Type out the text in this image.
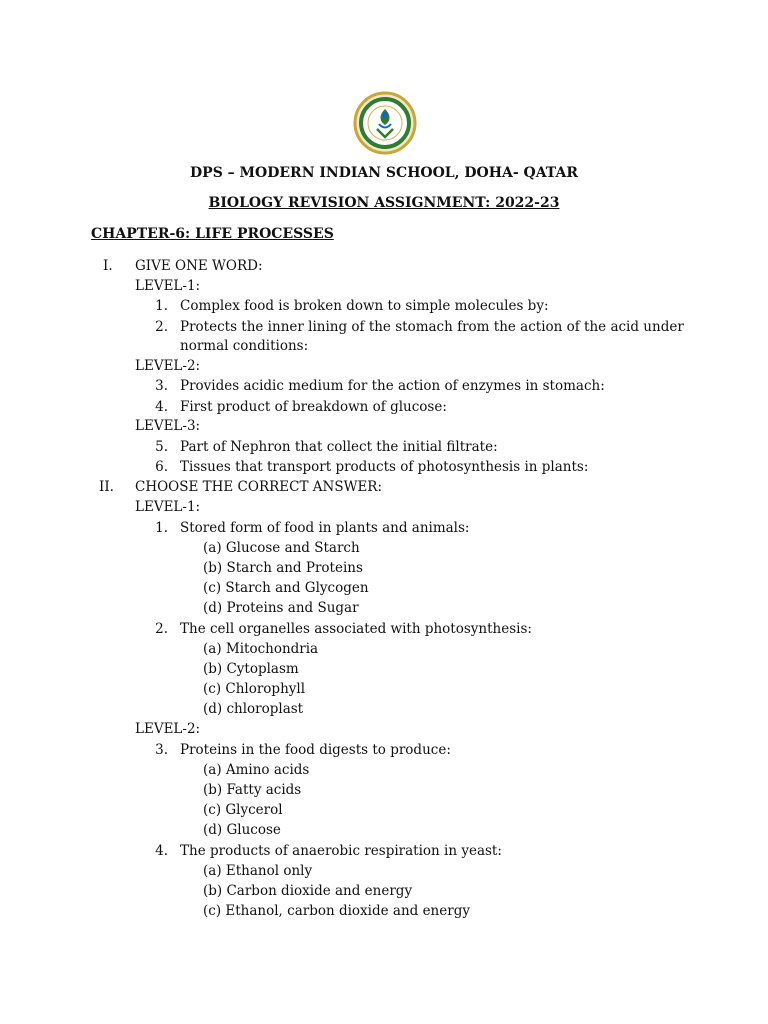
DPS – MODERN INDIAN SCHOOL, DOHA- QATAR
BIOLOGY REVISION ASSIGNMENT: 2022-23
CHAPTER-6: LIFE PROCESSES
I. GIVE ONE WORD:
LEVEL-1:
1. Complex food is broken down to simple molecules by:
2. Protects the inner lining of the stomach from the action of the acid under
normal conditions:
LEVEL-2:
3. Provides acidic medium for the action of enzymes in stomach:
4. First product of breakdown of glucose:
LEVEL-3:
5. Part of Nephron that collect the initial filtrate:
6. Tissues that transport products of photosynthesis in plants:
II. CHOOSE THE CORRECT ANSWER:
LEVEL-1:
1. Stored form of food in plants and animals:
(a) Glucose and Starch
(b) Starch and Proteins
(c) Starch and Glycogen
(d) Proteins and Sugar
2. The cell organelles associated with photosynthesis:
(a) Mitochondria
(b) Cytoplasm
(c) Chlorophyll
(d) chloroplast
LEVEL-2:
3. Proteins in the food digests to produce:
(a) Amino acids
(b) Fatty acids
(c) Glycerol
(d) Glucose
4. The products of anaerobic respiration in yeast:
(a) Ethanol only
(b) Carbon dioxide and energy
(c) Ethanol, carbon dioxide and energy
